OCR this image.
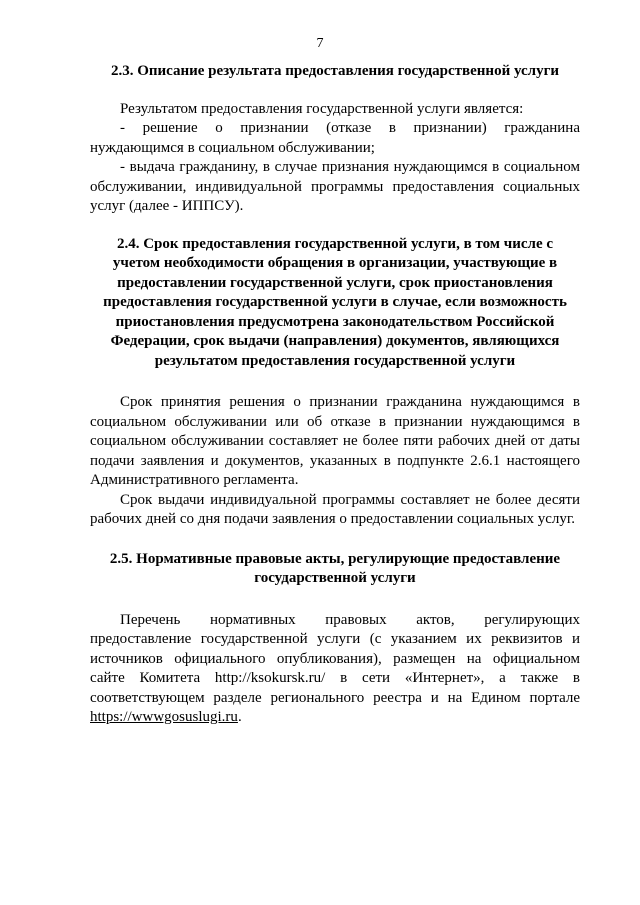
7
2.3. Описание результата предоставления государственной услуги

Результатом предоставления государственной услуги является:

- решение о признании (отказе в признании) гражданина нуждающимся в социальном обслуживании;

- выдача гражданину, в случае признания нуждающимся в социальном обслуживании, индивидуальной программы предоставления социальных услуг (далее - ИППСУ).

2.4. Срок предоставления государственной услуги, в том числе с учетом необходимости обращения в организации, участвующие в предоставлении государственной услуги, срок приостановления предоставления государственной услуги в случае, если возможность приостановления предусмотрена законодательством Российской Федерации, срок выдачи (направления) документов, являющихся результатом предоставления государственной услуги

Срок принятия решения о признании гражданина нуждающимся в социальном обслуживании или об отказе в признании нуждающимся в социальном обслуживании составляет не более пяти рабочих дней от даты подачи заявления и документов, указанных в подпункте 2.6.1 настоящего Административного регламента.

Срок выдачи индивидуальной программы составляет не более десяти рабочих дней со дня подачи заявления о предоставлении социальных услуг.

2.5. Нормативные правовые акты, регулирующие предоставление государственной услуги

Перечень нормативных правовых актов, регулирующих предоставление государственной услуги (с указанием их реквизитов и источников официального опубликования), размещен на официальном сайте Комитета http://ksokursk.ru/ в сети «Интернет», а также в соответствующем разделе регионального реестра и на Едином портале https://wwwgosuslugi.ru.
